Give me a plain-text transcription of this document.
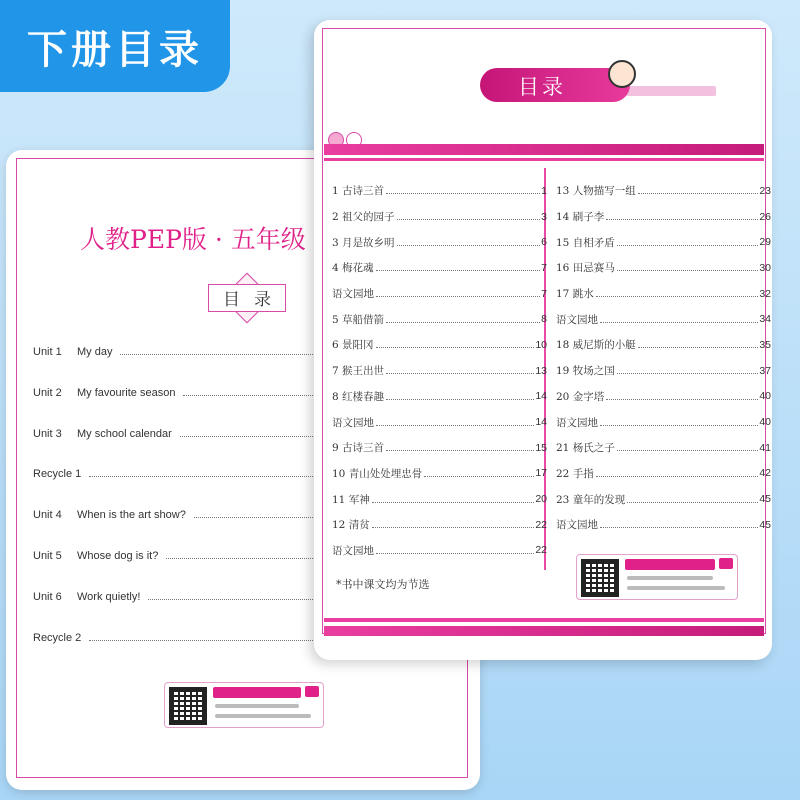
下册目录
人教PEP版 · 五年级
目 录
Unit 1	My day
Unit 2	My favourite season
Unit 3	My school calendar
Recycle 1
Unit 4	When is the art show?
Unit 5	Whose dog is it?
Unit 6	Work quietly!
Recycle 2
目录
1 古诗三首	1
2 祖父的园子	3
3 月是故乡明	6
4 梅花魂	7
语文园地	7
5 草船借箭	8
6 景阳冈	10
7 猴王出世	13
8 红楼春趣	14
语文园地	14
9 古诗三首	15
10 青山处处埋忠骨	17
11 军神	20
12 清贫	22
语文园地	22
13 人物描写一组	23
14 刷子李	26
15 自相矛盾	29
16 田忌赛马	30
17 跳水	32
语文园地	34
18 威尼斯的小艇	35
19 牧场之国	37
20 金字塔	40
语文园地	40
21 杨氏之子	41
22 手指	42
23 童年的发现	45
语文园地	45
*书中课文均为节选
